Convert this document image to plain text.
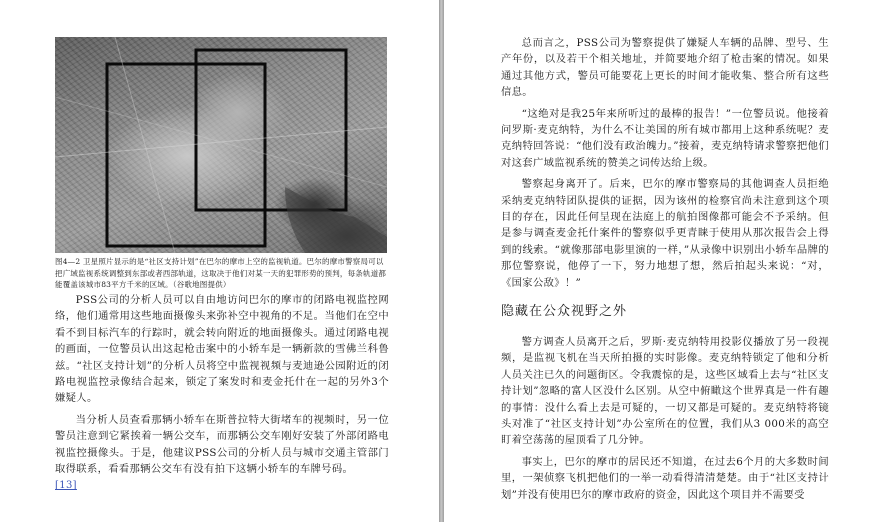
图4—2 卫星照片显示的是“社区支持计划”在巴尔的摩市上空的监视轨道。巴尔的摩市警察局可以把广域监视系统调整到东部或者西部轨道，这取决于他们对某一天的犯罪形势的预判，每条轨道都能覆盖该城市83平方千米的区域。（谷歌地图提供）

PSS公司的分析人员可以自由地访问巴尔的摩市的闭路电视监控网络，他们通常用这些地面摄像头来弥补空中视角的不足。当他们在空中看不到目标汽车的行踪时，就会转向附近的地面摄像头。通过闭路电视的画面，一位警员认出这起枪击案中的小轿车是一辆新款的雪佛兰科鲁兹。“社区支持计划”的分析人员将空中监视视频与麦迪逊公园附近的闭路电视监控录像结合起来，锁定了案发时和麦金托什在一起的另外3个嫌疑人。

当分析人员查看那辆小轿车在斯普拉特大街堵车的视频时，另一位警员注意到它紧挨着一辆公交车，而那辆公交车刚好安装了外部闭路电视监控摄像头。于是，他建议PSS公司的分析人员与城市交通主管部门取得联系，看看那辆公交车有没有拍下这辆小轿车的车牌号码。
[13]

总而言之，PSS公司为警察提供了嫌疑人车辆的品牌、型号、生产年份，以及若干个相关地址，并简要地介绍了枪击案的情况。如果通过其他方式，警员可能要花上更长的时间才能收集、整合所有这些信息。

“这绝对是我25年来所听过的最棒的报告！”一位警员说。他接着问罗斯·麦克纳特，为什么不让美国的所有城市都用上这种系统呢？麦克纳特回答说：“他们没有政治魄力。”接着，麦克纳特请求警察把他们对这套广域监视系统的赞美之词传达给上级。

警察起身离开了。后来，巴尔的摩市警察局的其他调查人员拒绝采纳麦克纳特团队提供的证据，因为该州的检察官尚未注意到这个项目的存在，因此任何呈现在法庭上的航拍图像都可能会不予采纳。但是参与调查麦金托什案件的警察似乎更青睐于使用从那次报告会上得到的线索。“就像那部电影里演的一样，”从录像中识别出小轿车品牌的那位警察说，他停了一下，努力地想了想，然后拍起头来说：“对，《国家公敌》！”

隐藏在公众视野之外

警方调查人员离开之后，罗斯·麦克纳特用投影仪播放了另一段视频，是监视飞机在当天所拍摄的实时影像。麦克纳特锁定了他和分析人员关注已久的问题街区。令我震惊的是，这些区域看上去与“社区支持计划”忽略的富人区没什么区别。从空中俯瞰这个世界真是一件有趣的事情：没什么看上去是可疑的，一切又都是可疑的。麦克纳特将镜头对准了“社区支持计划”办公室所在的位置，我们从3 000米的高空盯着空荡荡的屋顶看了几分钟。

事实上，巴尔的摩市的居民还不知道，在过去6个月的大多数时间里，一架侦察飞机把他们的一举一动看得清清楚楚。由于“社区支持计划”并没有使用巴尔的摩市政府的资金，因此这个项目并不需要受
